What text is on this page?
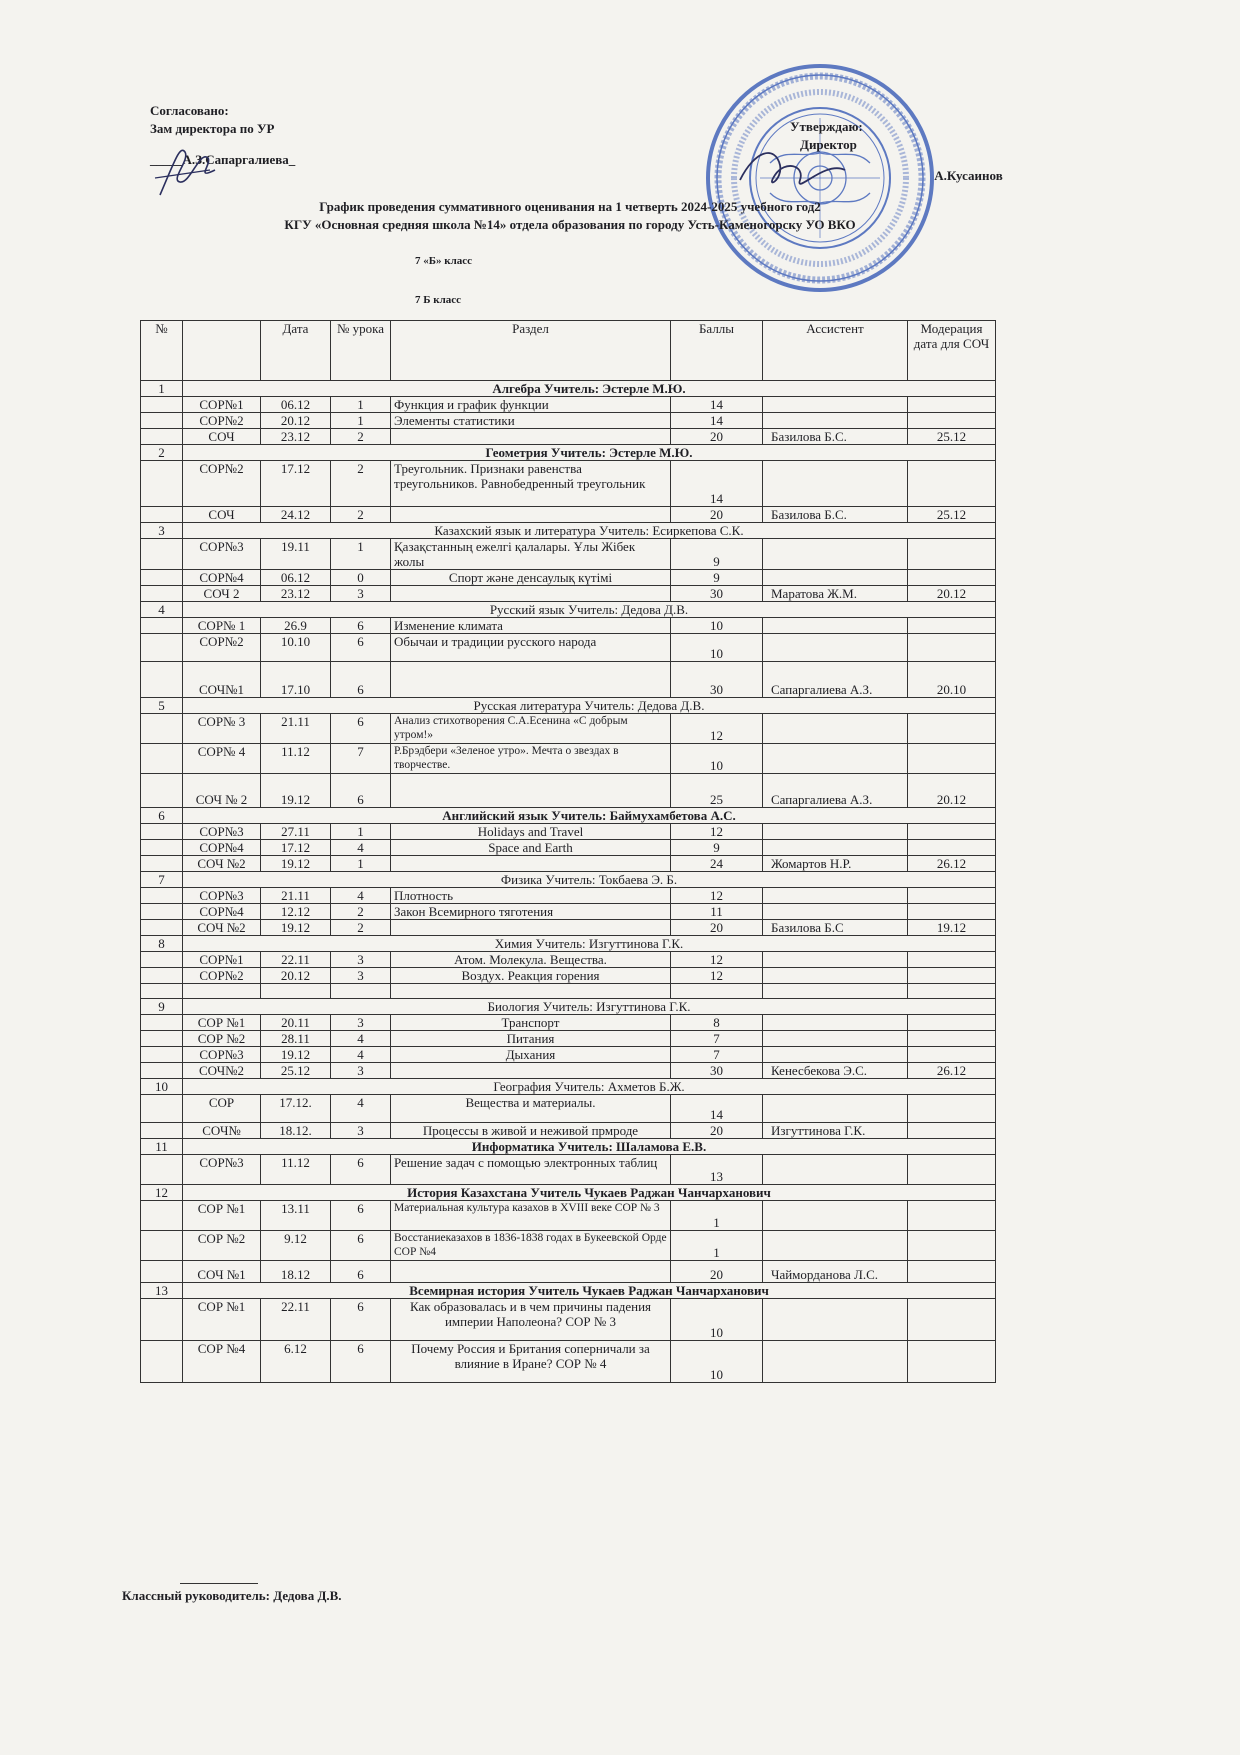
Согласовано:
Зам директора по УР
_____А.З.Сапаргалиева_
Утверждаю:
Директор
А.Кусаинов
График проведения суммативного оценивания на 1 четверть 2024-2025 учебного год2
КГУ «Основная средняя школа №14» отдела образования по городу Усть-Каменогорску УО ВКО
7 «Б» класс
7 Б класс
№		Дата	№ урока	Раздел	Баллы	Ассистент	Модерация дата для СОЧ
1	Алгебра Учитель: Эстерле М.Ю.						
	СОР№1	06.12	1	Функция и график функции	14		
	СОР№2	20.12	1	Элементы статистики	14		
	СОЧ	23.12	2		20	Базилова Б.С.	25.12
2	Геометрия Учитель: Эстерле М.Ю.						
	СОР№2	17.12	2	Треугольник. Признаки равенства треугольников. Равнобедренный треугольник	14		
	СОЧ	24.12	2		20	Базилова Б.С.	25.12
3	Казахский язык и литература Учитель: Есиркепова С.К.						
	СОР№3	19.11	1	Қазақстанның ежелгі қалалары. Ұлы Жібек жолы	9		
	СОР№4	06.12	0	Спорт және денсаулық күтімі	9		
	СОЧ 2	23.12	3		30	Маратова Ж.М.	20.12
4	Русский язык Учитель: Дедова Д.В.						
	СОР№ 1	26.9	6	Изменение климата	10		
	СОР№2	10.10	6	Обычаи и традиции русского народа	10		
	СОЧ№1	17.10	6		30	Сапаргалиева А.З.	20.10
5	Русская литература Учитель: Дедова Д.В.						
	СОР№ 3	21.11	6	Анализ стихотворения С.А.Есенина «С добрым утром!»	12		
	СОР№ 4	11.12	7	Р.Брэдбери «Зеленое утро». Мечта о звездах в творчестве.	10		
	СОЧ № 2	19.12	6		25	Сапаргалиева А.З.	20.12
6	Английский язык Учитель: Баймухамбетова А.С.						
	СОР№3	27.11	1	Holidays and Travel	12		
	СОР№4	17.12	4	Space and Earth	9		
	СОЧ №2	19.12	1		24	Жомартов Н.Р.	26.12
7	Физика Учитель: Токбаева Э. Б.						
	СОР№3	21.11	4	Плотность	12		
	СОР№4	12.12	2	Закон Всемирного тяготения	11		
	СОЧ №2	19.12	2		20	Базилова Б.С	19.12
8	Химия Учитель: Изгуттинова Г.К.						
	СОР№1	22.11	3	Атом. Молекула. Вещества.	12		
	СОР№2	20.12	3	Воздух. Реакция горения	12		

9	Биология Учитель: Изгуттинова Г.К.						
	СОР №1	20.11	3	Транспорт	8		
	СОР №2	28.11	4	Питания	7		
	СОР№3	19.12	4	Дыхания	7		
	СОЧ№2	25.12	3		30	Кенесбекова Э.С.	26.12
10	География Учитель: Ахметов Б.Ж.						
	СОР	17.12.	4	Вещества и материалы.	14		
	СОЧ№	18.12.	3	Процессы в живой и неживой прмроде	20	Изгуттинова Г.К.	
11	Информатика Учитель: Шаламова Е.В.						
	СОР№3	11.12	6	Решение задач с помощью электронных таблиц	13		
12	История Казахстана Учитель Чукаев Раджан Чанчарханович						
	СОР №1	13.11	6	Материальная культура казахов в XVIII веке СОР № 3	1		
	СОР №2	9.12	6	Восстаниеказахов в 1836-1838 годах в Букеевской Орде СОР №4	1		
	СОЧ №1	18.12	6		20	Чайморданова Л.С.	
13	Всемирная история Учитель Чукаев Раджан Чанчарханович						
	СОР №1	22.11	6	Как образовалась и в чем причины падения империи Наполеона? СОР № 3	10		
	СОР №4	6.12	6	Почему Россия и Британия соперничали за влияние в Иране? СОР № 4	10		
Классный руководитель: Дедова Д.В.
